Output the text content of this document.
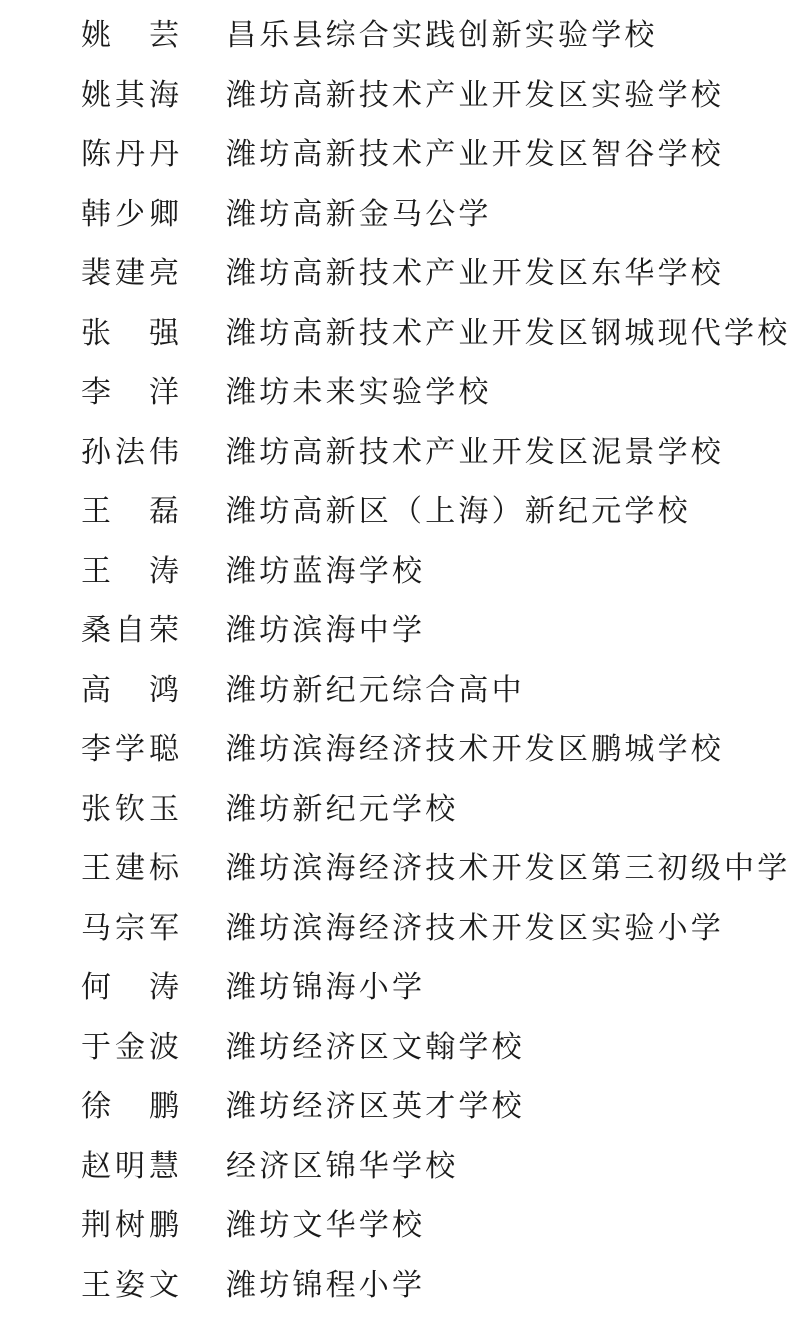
姚 芸 昌乐县综合实践创新实验学校
姚其海 潍坊高新技术产业开发区实验学校
陈丹丹 潍坊高新技术产业开发区智谷学校
韩少卿 潍坊高新金马公学
裴建亮 潍坊高新技术产业开发区东华学校
张 强 潍坊高新技术产业开发区钢城现代学校
李 洋 潍坊未来实验学校
孙法伟 潍坊高新技术产业开发区泥景学校
王 磊 潍坊高新区（上海）新纪元学校
王 涛 潍坊蓝海学校
桑自荣 潍坊滨海中学
高 鸿 潍坊新纪元综合高中
李学聪 潍坊滨海经济技术开发区鹏城学校
张钦玉 潍坊新纪元学校
王建标 潍坊滨海经济技术开发区第三初级中学
马宗军 潍坊滨海经济技术开发区实验小学
何 涛 潍坊锦海小学
于金波 潍坊经济区文翰学校
徐 鹏 潍坊经济区英才学校
赵明慧 经济区锦华学校
荆树鹏 潍坊文华学校
王姿文 潍坊锦程小学
